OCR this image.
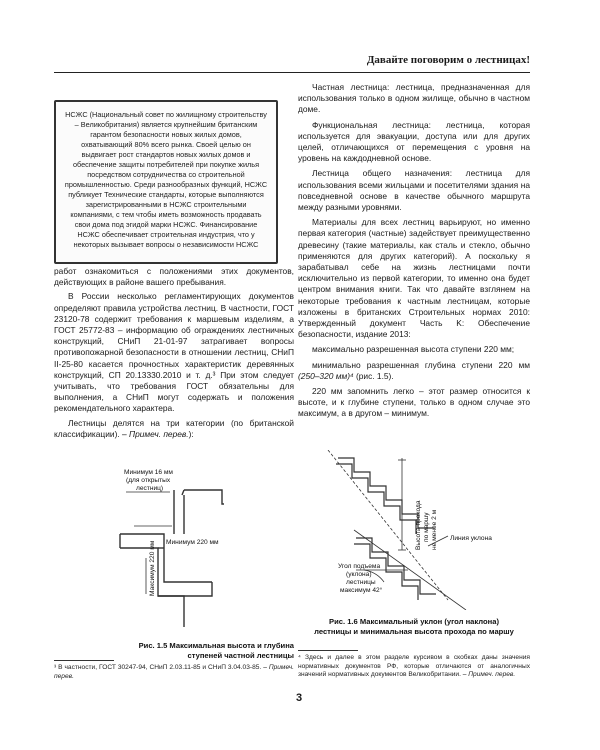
Давайте поговорим о лестницах!
НСЖС (Национальный совет по жилищному строительству – Великобритания) является крупнейшим британским гарантом безопасности новых жилых домов, охватывающий 80% всего рынка. Своей целью он выдвигает рост стандартов новых жилых домов и обеспечение защиты потребителей при покупке жилья посредством сотрудничества со строительной промышленностью. Среди разнообразных функций, НСЖС публикует Технические стандарты, которые выполняются зарегистрированными в НСЖС строительными компаниями, с тем чтобы иметь возможность продавать свои дома под эгидой марки НСЖС. Финансирование НСЖС обеспечивает строительная индустрия, что у некоторых вызывает вопросы о независимости НСЖС

работ ознакомиться с положениями этих документов, действующих в районе вашего пребывания.

В России несколько регламентирующих документов определяют правила устройства лестниц. В частности, ГОСТ 23120-78 содержит требования к маршевым изделиям, а ГОСТ 25772-83 – информацию об ограждениях лестничных конструкций, СНиП 21-01-97 затрагивает вопросы противопожарной безопасности в отношении лестниц, СНиП II-25-80 касается прочностных характеристик деревянных конструкций, СП 20.13330.2010 и т. д.³ При этом следует учитывать, что требования ГОСТ обязательны для выполнения, а СНиП могут содержать и положения рекомендательного характера.

Лестницы делятся на три категории (по британской классификации). – Примеч. перев.):

Минимум 16 мм
(для открытых
лестниц)
Минимум 220 мм
Максимум 220 мм
Рис. 1.5 Максимальная высота и глубина
ступеней частной лестницы
³ В частности, ГОСТ 30247-94, СНиП 2.03.11-85 и СНиП 3.04.03-85. – Примеч. перев.

Частная лестница: лестница, предназначенная для использования только в одном жилище, обычно в частном доме.

Функциональная лестница: лестница, которая используется для эвакуации, доступа или для других целей, отличающихся от перемещения с уровня на уровень на каждодневной основе.

Лестница общего назначения: лестница для использования всеми жильцами и посетителями здания на повседневной основе в качестве обычного маршрута между разными уровнями.

Материалы для всех лестниц варьируют, но именно первая категория (частные) задействует преимущественно древесину (такие материалы, как сталь и стекло, обычно применяются для других категорий). А поскольку я зарабатывал себе на жизнь лестницами почти исключительно из первой категории, то именно она будет центром внимания книги. Так что давайте взглянем на некоторые требования к частным лестницам, которые изложены в британских Строительных нормах 2010: Утвержденный документ Часть K: Обеспечение безопасности, издание 2013:

максимально разрешенная высота ступени 220 мм;

минимально разрешенная глубина ступени 220 мм (250–320 мм)⁴ (рис. 1.5).

220 мм запомнить легко – этот размер относится к высоте, и к глубине ступени, только в одном случае это максимум, а в другом – минимум.

Высота прохода по маршу не менее 2 м Линия уклона
Угол подъема
(уклона)
лестницы
максимум 42°
Рис. 1.6 Максимальный уклон (угол наклона)
лестницы и минимальная высота прохода по маршу
⁴ Здесь и далее в этом разделе курсивом в скобках даны значения нормативных документов РФ, которые отличаются от аналогичных значений нормативных документов Великобритании. – Примеч. перев.
3
